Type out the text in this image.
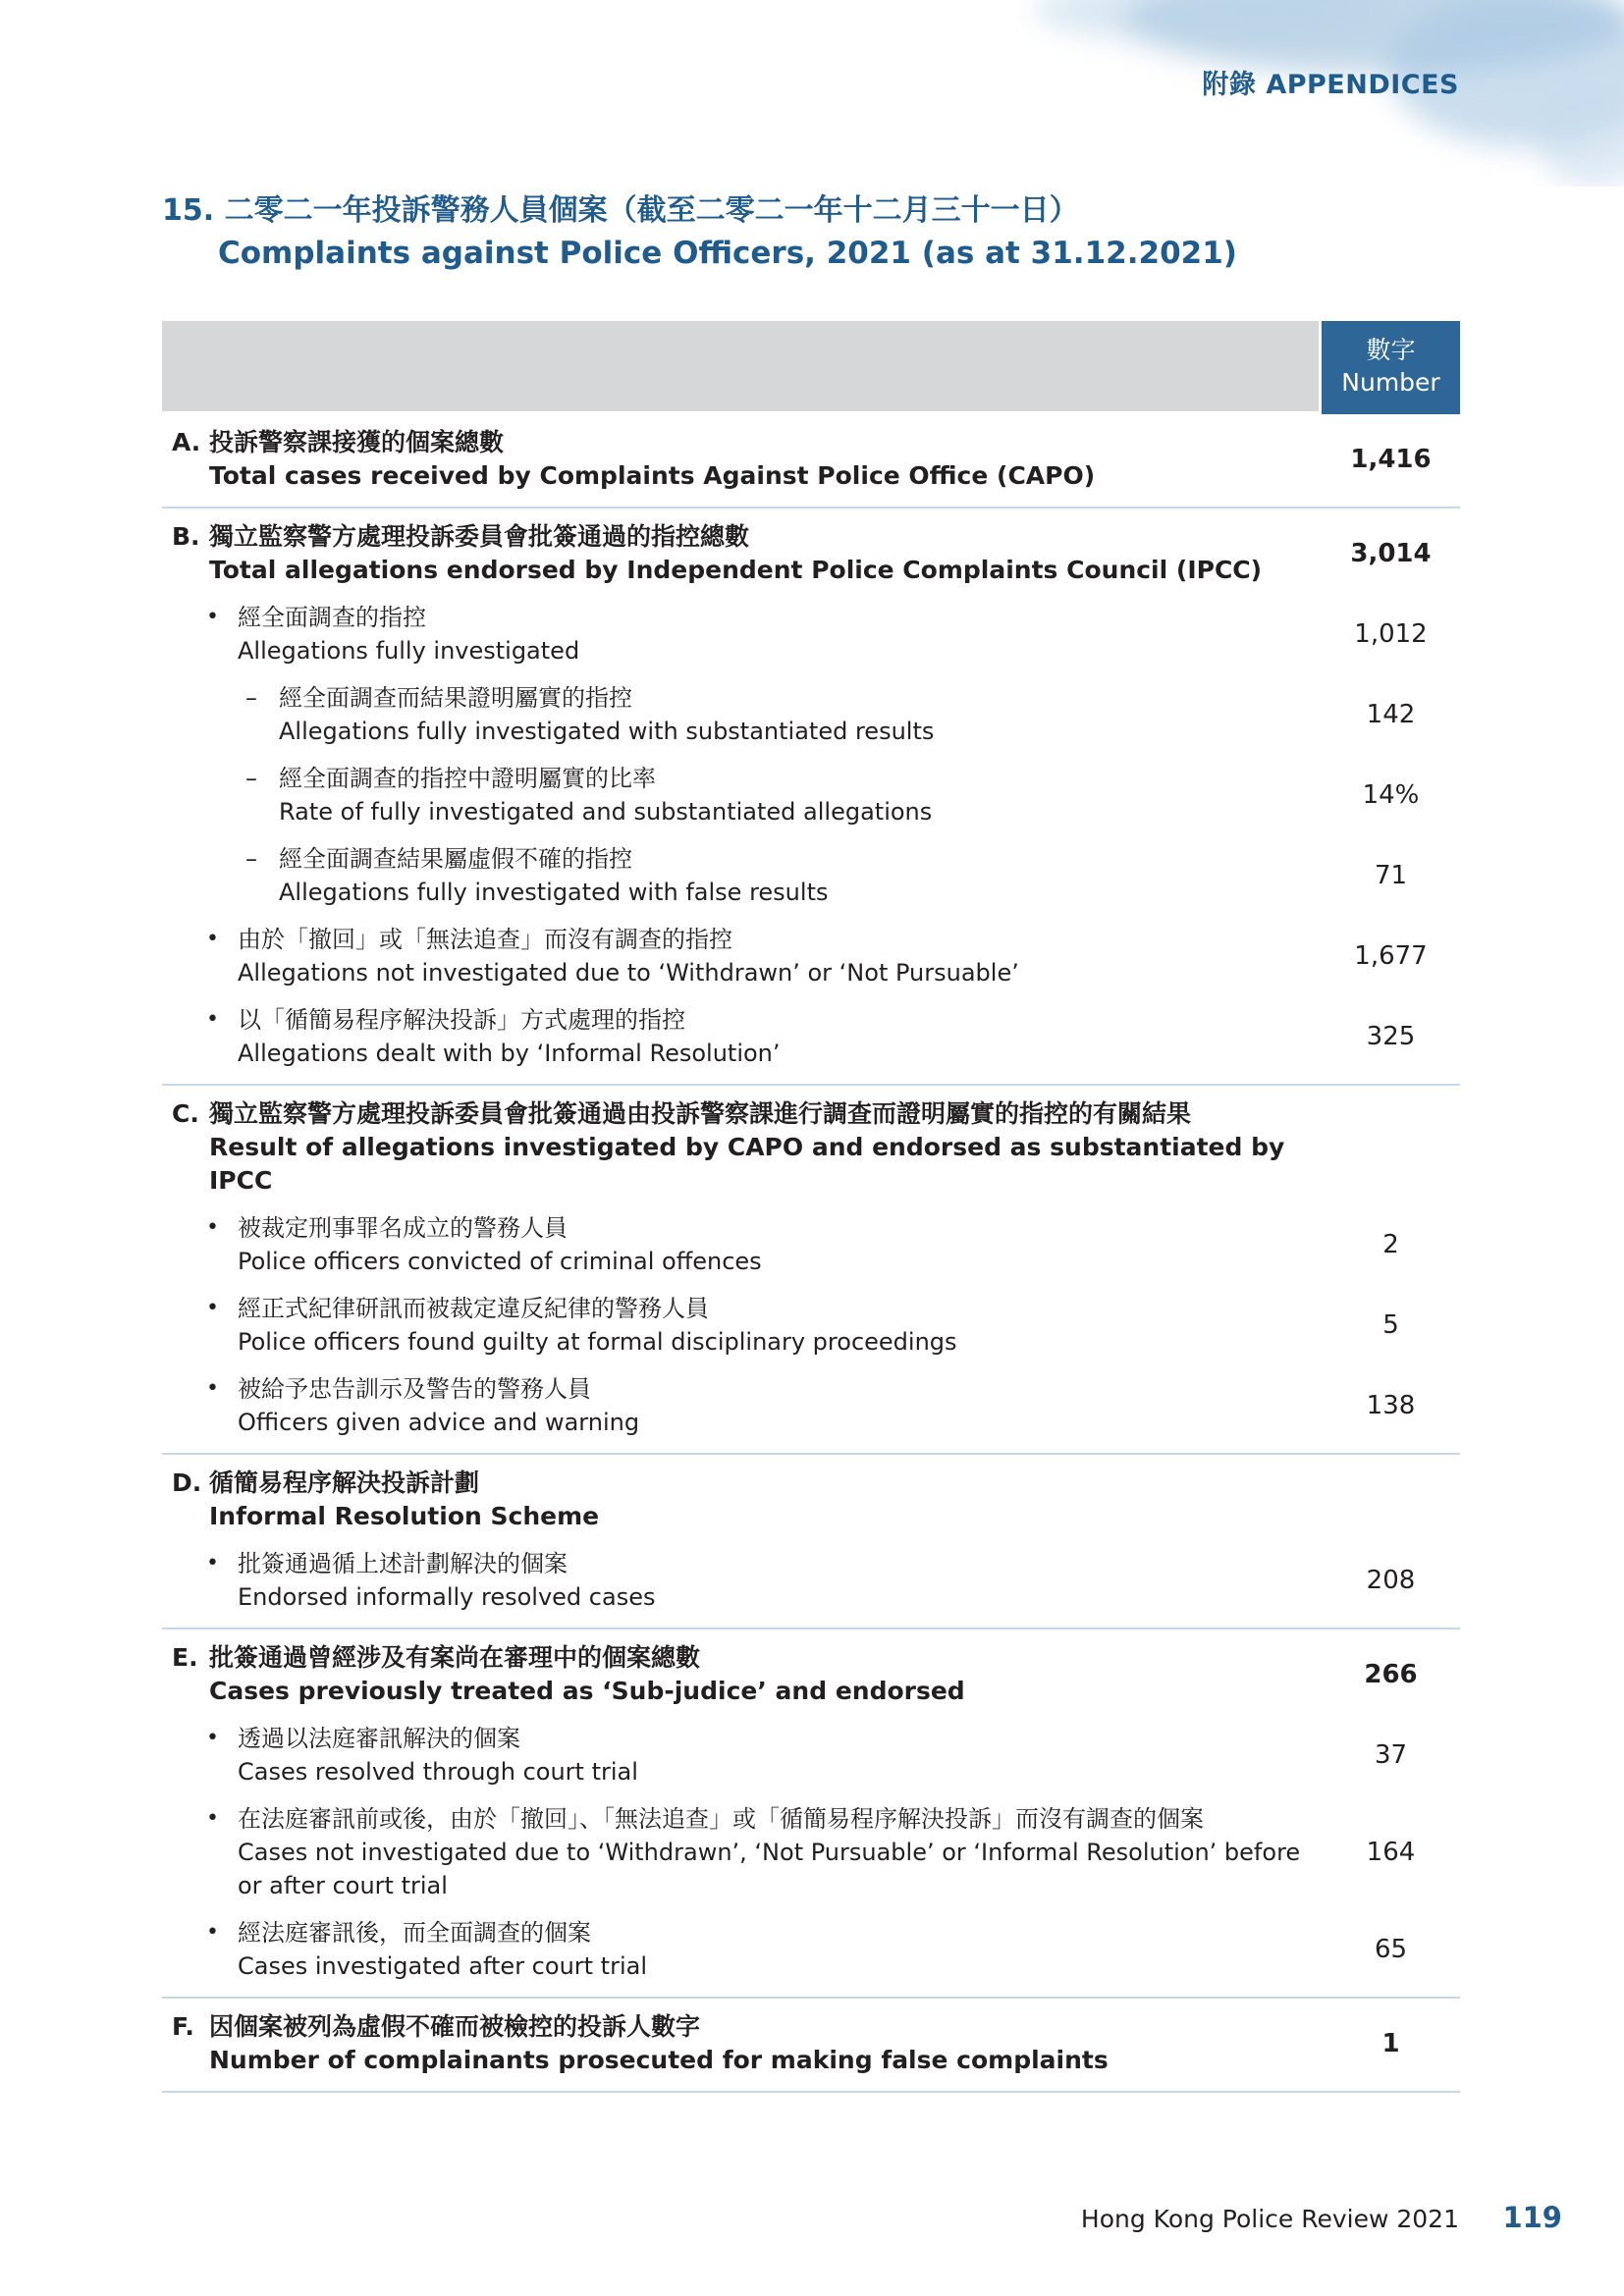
附錄 APPENDICES
15. 二零二一年投訴警務人員個案（截至二零二一年十二月三十一日）
Complaints against Police Officers, 2021 (as at 31.12.2021)
數字
Number
A. 投訴警察課接獲的個案總數
Total cases received by Complaints Against Police Office (CAPO)
1,416
B. 獨立監察警方處理投訴委員會批簽通過的指控總數
Total allegations endorsed by Independent Police Complaints Council (IPCC)
3,014
• 經全面調查的指控
Allegations fully investigated
1,012
– 經全面調查而結果證明屬實的指控
Allegations fully investigated with substantiated results
142
– 經全面調查的指控中證明屬實的比率
Rate of fully investigated and substantiated allegations
14%
– 經全面調查結果屬虛假不確的指控
Allegations fully investigated with false results
71
• 由於「撤回」或「無法追查」而沒有調查的指控
Allegations not investigated due to ‘Withdrawn’ or ‘Not Pursuable’
1,677
• 以「循簡易程序解決投訴」方式處理的指控
Allegations dealt with by ‘Informal Resolution’
325
C. 獨立監察警方處理投訴委員會批簽通過由投訴警察課進行調查而證明屬實的指控的有關結果
Result of allegations investigated by CAPO and endorsed as substantiated by IPCC
• 被裁定刑事罪名成立的警務人員
Police officers convicted of criminal offences
2
• 經正式紀律研訊而被裁定違反紀律的警務人員
Police officers found guilty at formal disciplinary proceedings
5
• 被給予忠告訓示及警告的警務人員
Officers given advice and warning
138
D. 循簡易程序解決投訴計劃
Informal Resolution Scheme
• 批簽通過循上述計劃解決的個案
Endorsed informally resolved cases
208
E. 批簽通過曾經涉及有案尚在審理中的個案總數
Cases previously treated as ‘Sub-judice’ and endorsed
266
• 透過以法庭審訊解決的個案
Cases resolved through court trial
37
• 在法庭審訊前或後，由於「撤回」、「無法追查」或「循簡易程序解決投訴」而沒有調查的個案
Cases not investigated due to ‘Withdrawn’, ‘Not Pursuable’ or ‘Informal Resolution’ before or after court trial
164
• 經法庭審訊後，而全面調查的個案
Cases investigated after court trial
65
F. 因個案被列為虛假不確而被檢控的投訴人數字
Number of complainants prosecuted for making false complaints
1
Hong Kong Police Review 2021 119
